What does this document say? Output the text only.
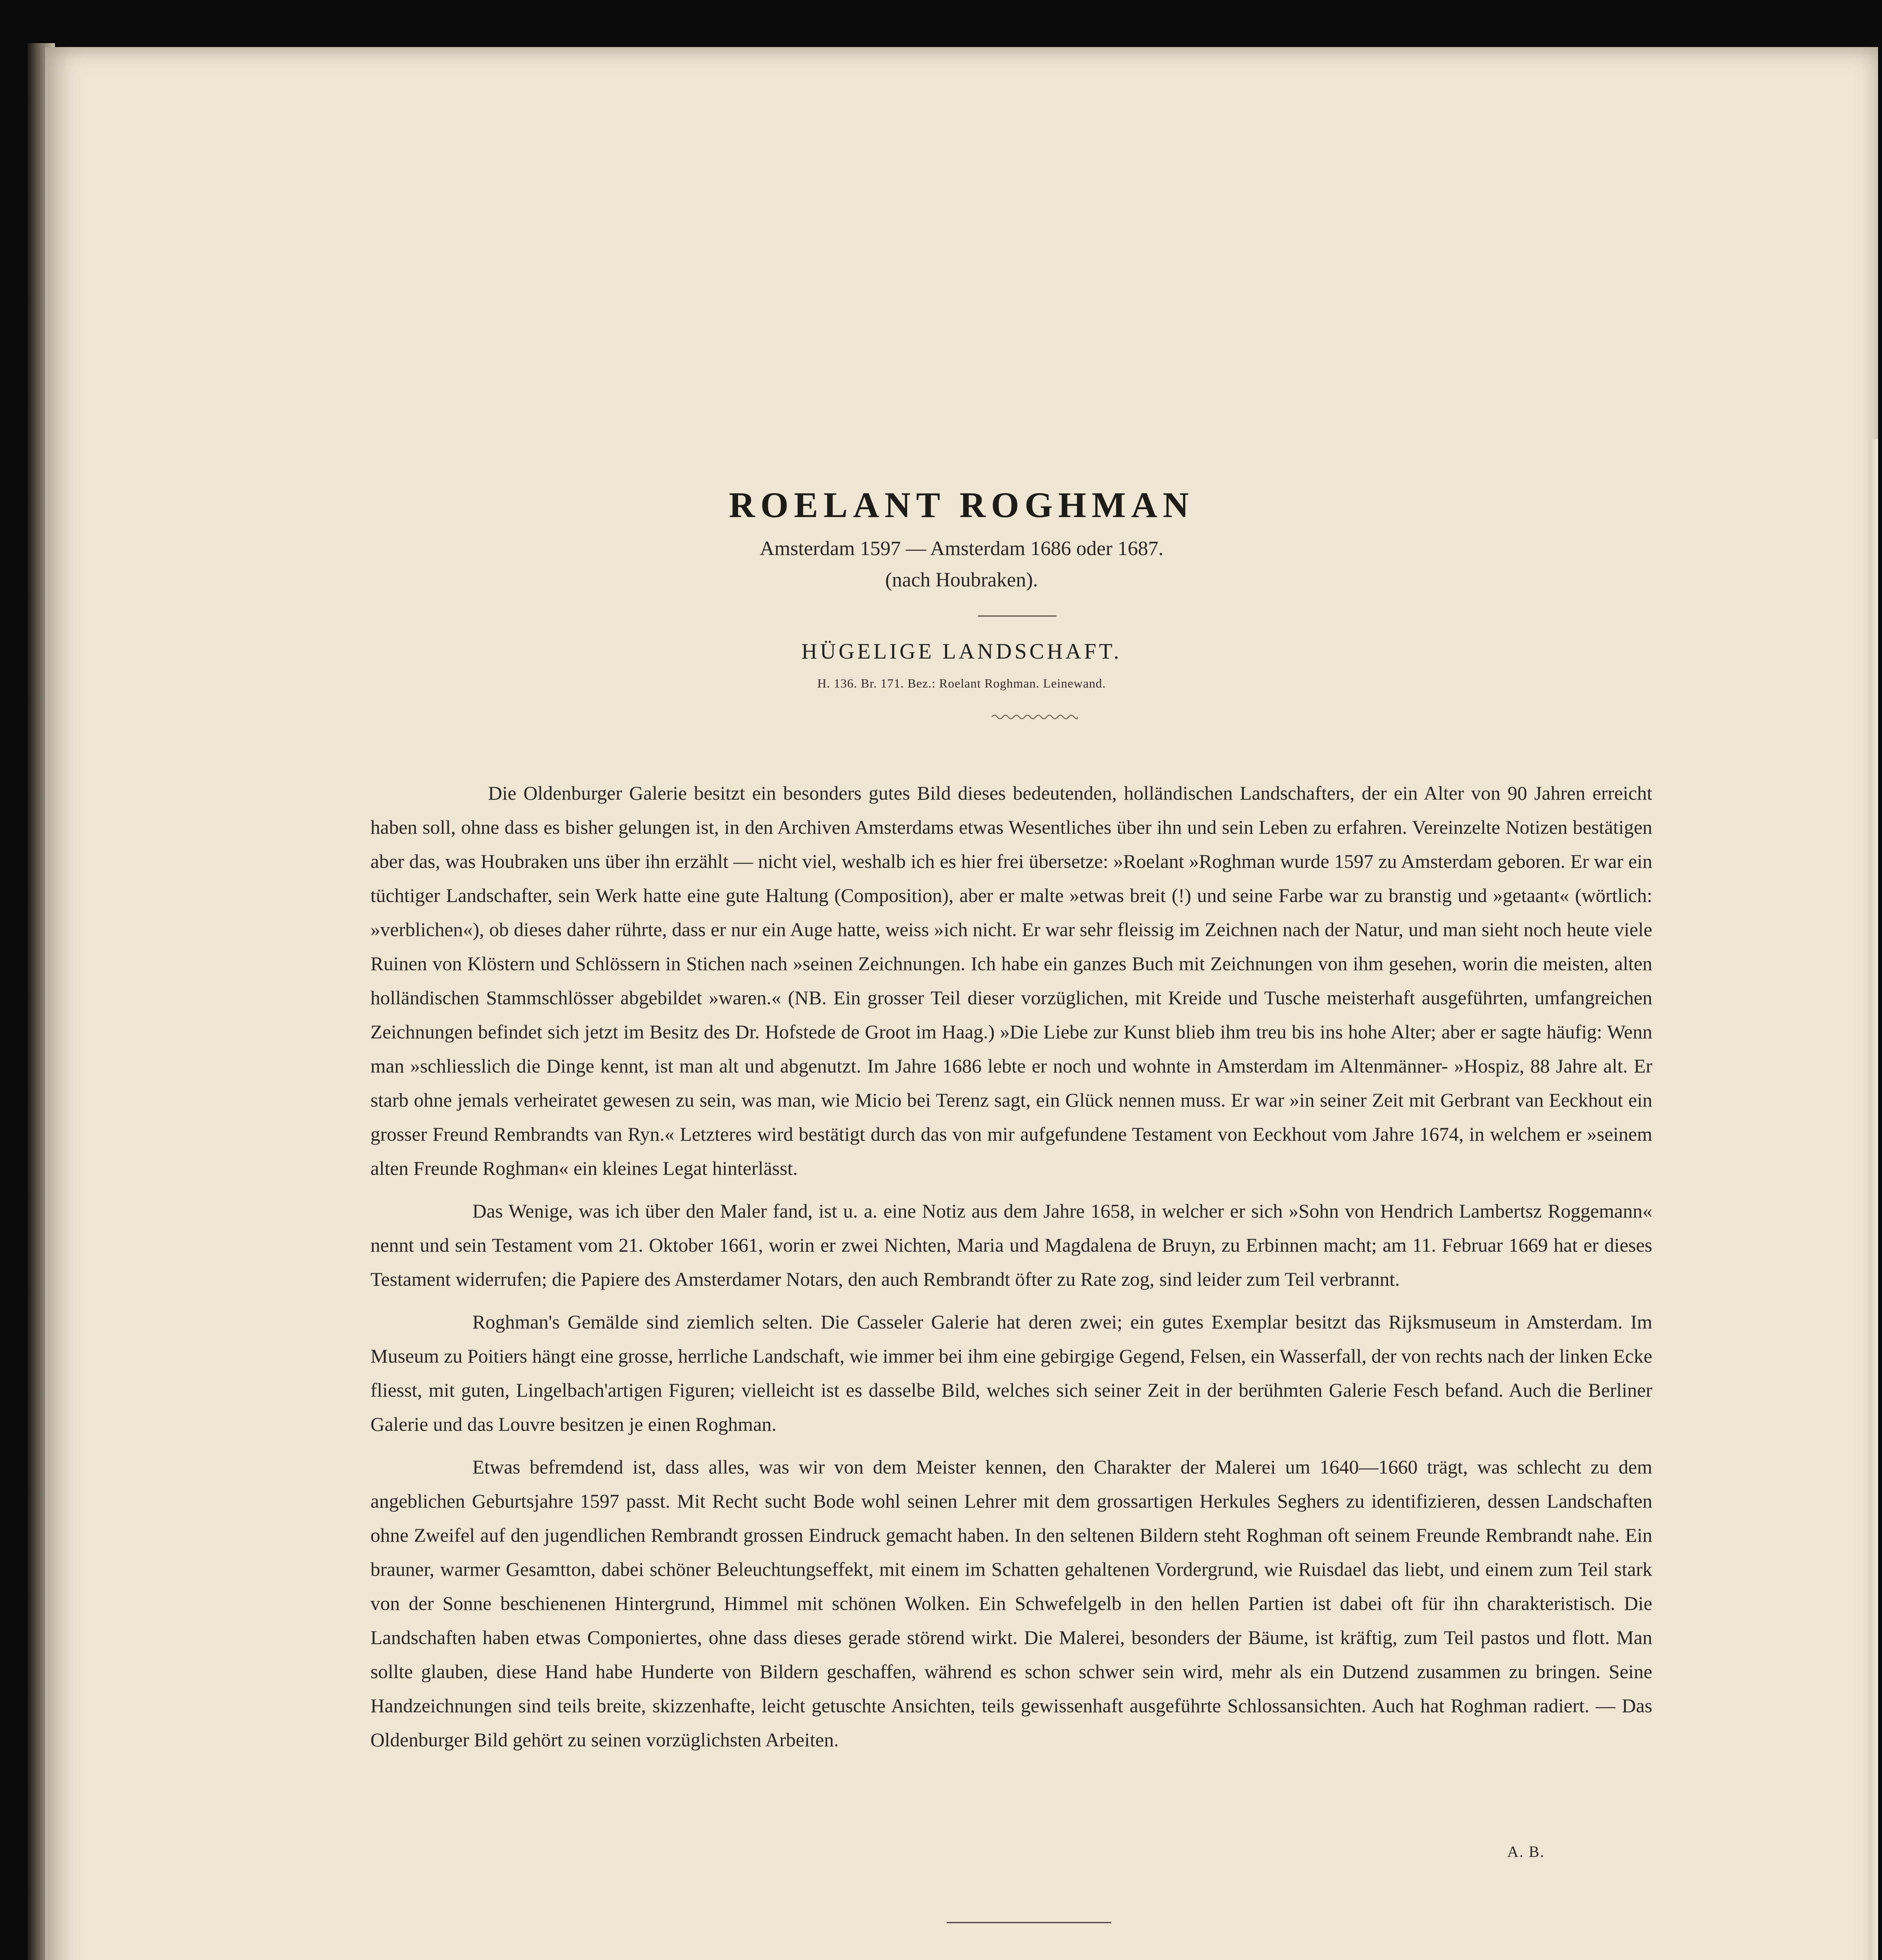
ROELANT ROGHMAN
Amsterdam 1597 — Amsterdam 1686 oder 1687.
(nach Houbraken).
HÜGELIGE LANDSCHAFT.
H. 136. Br. 171. Bez.: Roelant Roghman. Leinewand.

Die Oldenburger Galerie besitzt ein besonders gutes Bild dieses bedeutenden, holländischen Landschafters, der ein Alter von 90 Jahren erreicht haben soll, ohne dass es bisher gelungen ist, in den Archiven Amsterdams etwas Wesentliches über ihn und sein Leben zu erfahren. Vereinzelte Notizen bestätigen aber das, was Houbraken uns über ihn erzählt — nicht viel, weshalb ich es hier frei übersetze: »Roelant »Roghman wurde 1597 zu Amsterdam geboren. Er war ein tüchtiger Landschafter, sein Werk hatte eine gute Haltung (Composition), aber er malte »etwas breit (!) und seine Farbe war zu branstig und »getaant« (wörtlich: »verblichen«), ob dieses daher rührte, dass er nur ein Auge hatte, weiss »ich nicht. Er war sehr fleissig im Zeichnen nach der Natur, und man sieht noch heute viele Ruinen von Klöstern und Schlössern in Stichen nach »seinen Zeichnungen. Ich habe ein ganzes Buch mit Zeichnungen von ihm gesehen, worin die meisten, alten holländischen Stammschlösser abgebildet »waren.« (NB. Ein grosser Teil dieser vorzüglichen, mit Kreide und Tusche meisterhaft ausgeführten, umfangreichen Zeichnungen befindet sich jetzt im Besitz des Dr. Hofstede de Groot im Haag.) »Die Liebe zur Kunst blieb ihm treu bis ins hohe Alter; aber er sagte häufig: Wenn man »schliesslich die Dinge kennt, ist man alt und abgenutzt. Im Jahre 1686 lebte er noch und wohnte in Amsterdam im Altenmänner- »Hospiz, 88 Jahre alt. Er starb ohne jemals verheiratet gewesen zu sein, was man, wie Micio bei Terenz sagt, ein Glück nennen muss. Er war »in seiner Zeit mit Gerbrant van Eeckhout ein grosser Freund Rembrandts van Ryn.« Letzteres wird bestätigt durch das von mir aufgefundene Testament von Eeckhout vom Jahre 1674, in welchem er »seinem alten Freunde Roghman« ein kleines Legat hinterlässt.

Das Wenige, was ich über den Maler fand, ist u. a. eine Notiz aus dem Jahre 1658, in welcher er sich »Sohn von Hendrich Lambertsz Roggemann« nennt und sein Testament vom 21. Oktober 1661, worin er zwei Nichten, Maria und Magdalena de Bruyn, zu Erbinnen macht; am 11. Februar 1669 hat er dieses Testament widerrufen; die Papiere des Amsterdamer Notars, den auch Rembrandt öfter zu Rate zog, sind leider zum Teil verbrannt.

Roghman's Gemälde sind ziemlich selten. Die Casseler Galerie hat deren zwei; ein gutes Exemplar besitzt das Rijksmuseum in Amsterdam. Im Museum zu Poitiers hängt eine grosse, herrliche Landschaft, wie immer bei ihm eine gebirgige Gegend, Felsen, ein Wasserfall, der von rechts nach der linken Ecke fliesst, mit guten, Lingelbach'artigen Figuren; vielleicht ist es dasselbe Bild, welches sich seiner Zeit in der berühmten Galerie Fesch befand. Auch die Berliner Galerie und das Louvre besitzen je einen Roghman.

Etwas befremdend ist, dass alles, was wir von dem Meister kennen, den Charakter der Malerei um 1640—1660 trägt, was schlecht zu dem angeblichen Geburtsjahre 1597 passt. Mit Recht sucht Bode wohl seinen Lehrer mit dem grossartigen Herkules Seghers zu identifizieren, dessen Landschaften ohne Zweifel auf den jugendlichen Rembrandt grossen Eindruck gemacht haben. In den seltenen Bildern steht Roghman oft seinem Freunde Rembrandt nahe. Ein brauner, warmer Gesamtton, dabei schöner Beleuchtungseffekt, mit einem im Schatten gehaltenen Vordergrund, wie Ruisdael das liebt, und einem zum Teil stark von der Sonne beschienenen Hintergrund, Himmel mit schönen Wolken. Ein Schwefelgelb in den hellen Partien ist dabei oft für ihn charakteristisch. Die Landschaften haben etwas Componiertes, ohne dass dieses gerade störend wirkt. Die Malerei, besonders der Bäume, ist kräftig, zum Teil pastos und flott. Man sollte glauben, diese Hand habe Hunderte von Bildern geschaffen, während es schon schwer sein wird, mehr als ein Dutzend zusammen zu bringen. Seine Handzeichnungen sind teils breite, skizzenhafte, leicht getuschte Ansichten, teils gewissenhaft ausgeführte Schlossansichten. Auch hat Roghman radiert. — Das Oldenburger Bild gehört zu seinen vorzüglichsten Arbeiten.

A. B.
